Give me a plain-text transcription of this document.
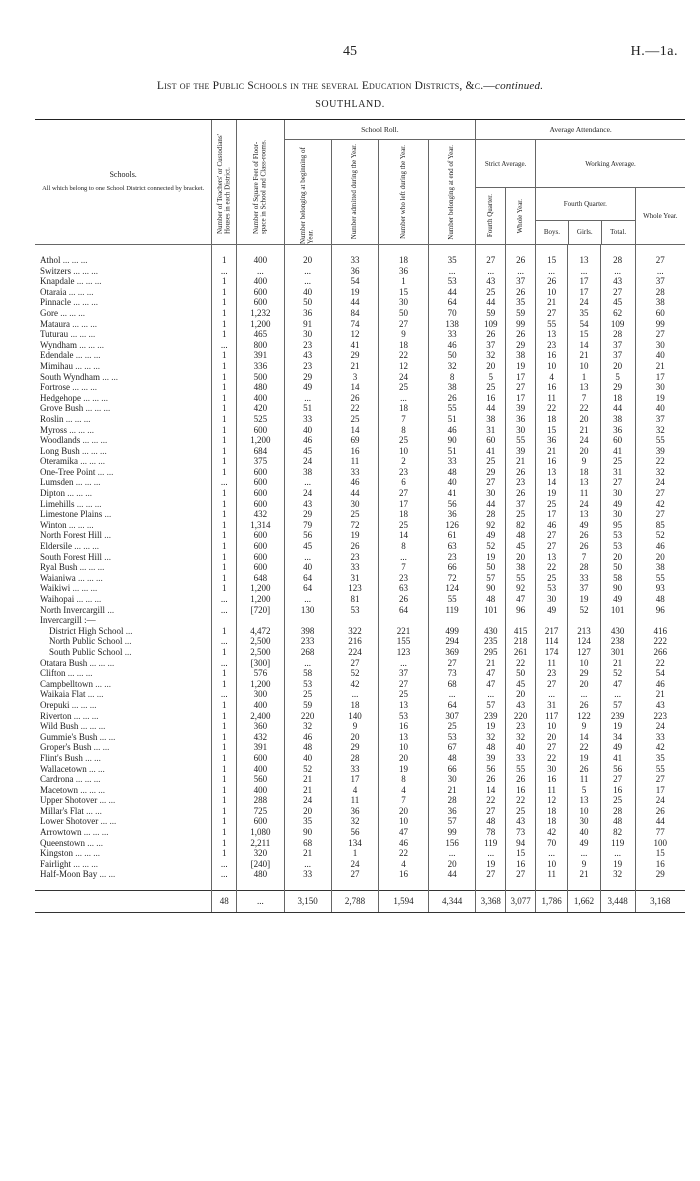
45	H.—1a.
List of the Public Schools in the several Education Districts, &c.—continued.
SOUTHLAND.
Schools.
All which belong to one School District connected by bracket.	Number of Teachers' or Custodians' Houses in each District.	Number of Square Feet of Floor-space in School and Class-rooms.	School Roll.				Average Attendance.					

			Number belonging at beginning of Year.	Number admitted during the Year.	Number who left during the Year.	Number belonging at end of Year.	Strict Average.		Working Average.			

							Fourth Quarter.	Whole Year.	Fourth Quarter.
Boys. Girls. Total.			Whole Year.

Athol ... ... ...	1	400	20	33	18	35	27	26	15	13	28	27
Switzers ... ... ...	...	...	...	36	36	...	...	...	...	...	...	...
Knapdale ... ... ...	1	400	...	54	1	53	43	37	26	17	43	37
Otaraia ... ... ...	1	600	40	19	15	44	25	26	10	17	27	28
Pinnacle ... ... ...	1	600	50	44	30	64	44	35	21	24	45	38
Gore ... ... ...	1	1,232	36	84	50	70	59	59	27	35	62	60
Mataura ... ... ...	1	1,200	91	74	27	138	109	99	55	54	109	99
Tuturau ... ... ...	1	465	30	12	9	33	26	26	13	15	28	27
Wyndham ... ... ...	...	800	23	41	18	46	37	29	23	14	37	30
Edendale ... ... ...	1	391	43	29	22	50	32	38	16	21	37	40
Mimihau ... ... ...	1	336	23	21	12	32	20	19	10	10	20	21
South Wyndham ... ...	1	500	29	3	24	8	5	17	4	1	5	17
Fortrose ... ... ...	1	480	49	14	25	38	25	27	16	13	29	30
Hedgehope ... ... ...	1	400	...	26	...	26	16	17	11	7	18	19
Grove Bush ... ... ...	1	420	51	22	18	55	44	39	22	22	44	40
Roslin ... ... ...	1	525	33	25	7	51	38	36	18	20	38	37
Myross ... ... ...	1	600	40	14	8	46	31	30	15	21	36	32
Woodlands ... ... ...	1	1,200	46	69	25	90	60	55	36	24	60	55
Long Bush ... ... ...	1	684	45	16	10	51	41	39	21	20	41	39
Oteramika ... ... ...	1	375	24	11	2	33	25	21	16	9	25	22
One-Tree Point ... ...	1	600	38	33	23	48	29	26	13	18	31	32
Lumsden ... ... ...	...	600	...	46	6	40	27	23	14	13	27	24
Dipton ... ... ...	1	600	24	44	27	41	30	26	19	11	30	27
Limehills ... ... ...	1	600	43	30	17	56	44	37	25	24	49	42
Limestone Plains ...	1	432	29	25	18	36	28	25	17	13	30	27
Winton ... ... ...	1	1,314	79	72	25	126	92	82	46	49	95	85
North Forest Hill ...	1	600	56	19	14	61	49	48	27	26	53	52
Eldersile ... ... ...	1	600	45	26	8	63	52	45	27	26	53	46
South Forest Hill ...	1	600	...	23	...	23	19	20	13	7	20	20
Ryal Bush ... ... ...	1	600	40	33	7	66	50	38	22	28	50	38
Waianiwa ... ... ...	1	648	64	31	23	72	57	55	25	33	58	55
Waikiwi ... ... ...	1	1,200	64	123	63	124	90	92	53	37	90	93
Waihopai ... ... ...	...	1,200	...	81	26	55	48	47	30	19	49	48
North Invercargill ...	...	[720]	130	53	64	119	101	96	49	52	101	96
Invercargill :—												
District High School ...	1	4,472	398	322	221	499	430	415	217	213	430	416
North Public School ...	...	2,500	233	216	155	294	235	218	114	124	238	222
South Public School ...	1	2,500	268	224	123	369	295	261	174	127	301	266
Otatara Bush ... ... ...	...	[300]	...	27	...	27	21	22	11	10	21	22
Clifton ... ... ...	1	576	58	52	37	73	47	50	23	29	52	54
Campbelltown ... ...	1	1,200	53	42	27	68	47	45	27	20	47	46
Waikaia Flat ... ...	...	300	25	...	25	...	...	20	...	...	...	21
Orepuki ... ... ...	1	400	59	18	13	64	57	43	31	26	57	43
Riverton ... ... ...	1	2,400	220	140	53	307	239	220	117	122	239	223
Wild Bush ... ... ...	1	360	32	9	16	25	19	23	10	9	19	24
Gummie's Bush ... ...	1	432	46	20	13	53	32	32	20	14	34	33
Groper's Bush ... ...	1	391	48	29	10	67	48	40	27	22	49	42
Flint's Bush ... ...	1	600	40	28	20	48	39	33	22	19	41	35
Wallacetown ... ...	1	400	52	33	19	66	56	55	30	26	56	55
Cardrona ... ... ...	1	560	21	17	8	30	26	26	16	11	27	27
Macetown ... ... ...	1	400	21	4	4	21	14	16	11	5	16	17
Upper Shotover ... ...	1	288	24	11	7	28	22	22	12	13	25	24
Millar's Flat ... ...	1	725	20	36	20	36	27	25	18	10	28	26
Lower Shotover ... ...	1	600	35	32	10	57	48	43	18	30	48	44
Arrowtown ... ... ...	1	1,080	90	56	47	99	78	73	42	40	82	77
Queenstown ... ...	1	2,211	68	134	46	156	119	94	70	49	119	100
Kingston ... ... ...	1	320	21	1	22	...	...	15	...	...	...	15
Fairlight ... ... ...	...	[240]	...	24	4	20	19	16	10	9	19	16
Half-Moon Bay ... ...	...	480	33	27	16	44	27	27	11	21	32	29

	48	...	3,150	2,788	1,594	4,344	3,368	3,077	1,786	1,662	3,448	3,168
